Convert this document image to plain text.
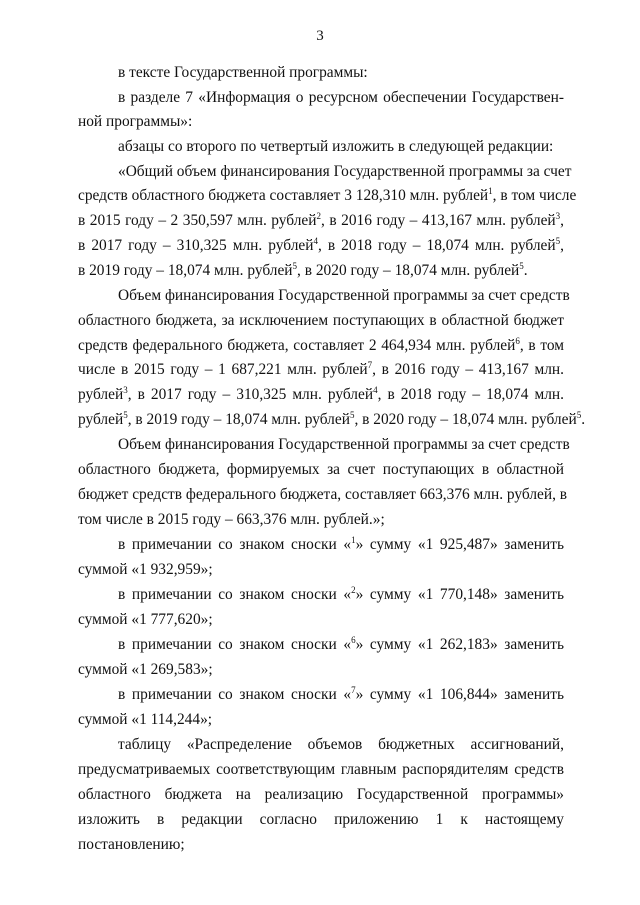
3
в тексте Государственной программы:
в разделе 7 «Информация о ресурсном обеспечении Государствен-
ной программы»:
абзацы со второго по четвертый изложить в следующей редакции:
«Общий объем финансирования Государственной программы за счет
средств областного бюджета составляет 3 128,310 млн. рублей$^1$, в том числе
в 2015 году – 2 350,597 млн. рублей$^2$, в 2016 году – 413,167 млн. рублей$^3$,
в 2017 году – 310,325 млн. рублей$^4$, в 2018 году – 18,074 млн. рублей$^5$,
в 2019 году – 18,074 млн. рублей$^5$, в 2020 году – 18,074 млн. рублей$^5$.
Объем финансирования Государственной программы за счет средств
областного бюджета, за исключением поступающих в областной бюджет
средств федерального бюджета, составляет 2 464,934 млн. рублей$^6$, в том
числе в 2015 году – 1 687,221 млн. рублей$^7$, в 2016 году – 413,167 млн.
рублей$^3$, в 2017 году – 310,325 млн. рублей$^4$, в 2018 году – 18,074 млн.
рублей$^5$, в 2019 году – 18,074 млн. рублей$^5$, в 2020 году – 18,074 млн. рублей$^5$.
Объем финансирования Государственной программы за счет средств
областного бюджета, формируемых за счет поступающих в областной
бюджет средств федерального бюджета, составляет 663,376 млн. рублей, в
том числе в 2015 году – 663,376 млн. рублей.»;
в примечании со знаком сноски «$^1$» сумму «1 925,487» заменить
суммой «1 932,959»;
в примечании со знаком сноски «$^2$» сумму «1 770,148» заменить
суммой «1 777,620»;
в примечании со знаком сноски «$^6$» сумму «1 262,183» заменить
суммой «1 269,583»;
в примечании со знаком сноски «$^7$» сумму «1 106,844» заменить
суммой «1 114,244»;
таблицу «Распределение объемов бюджетных ассигнований,
предусматриваемых соответствующим главным распорядителям средств
областного бюджета на реализацию Государственной программы»
изложить в редакции согласно приложению 1 к настоящему
постановлению;
